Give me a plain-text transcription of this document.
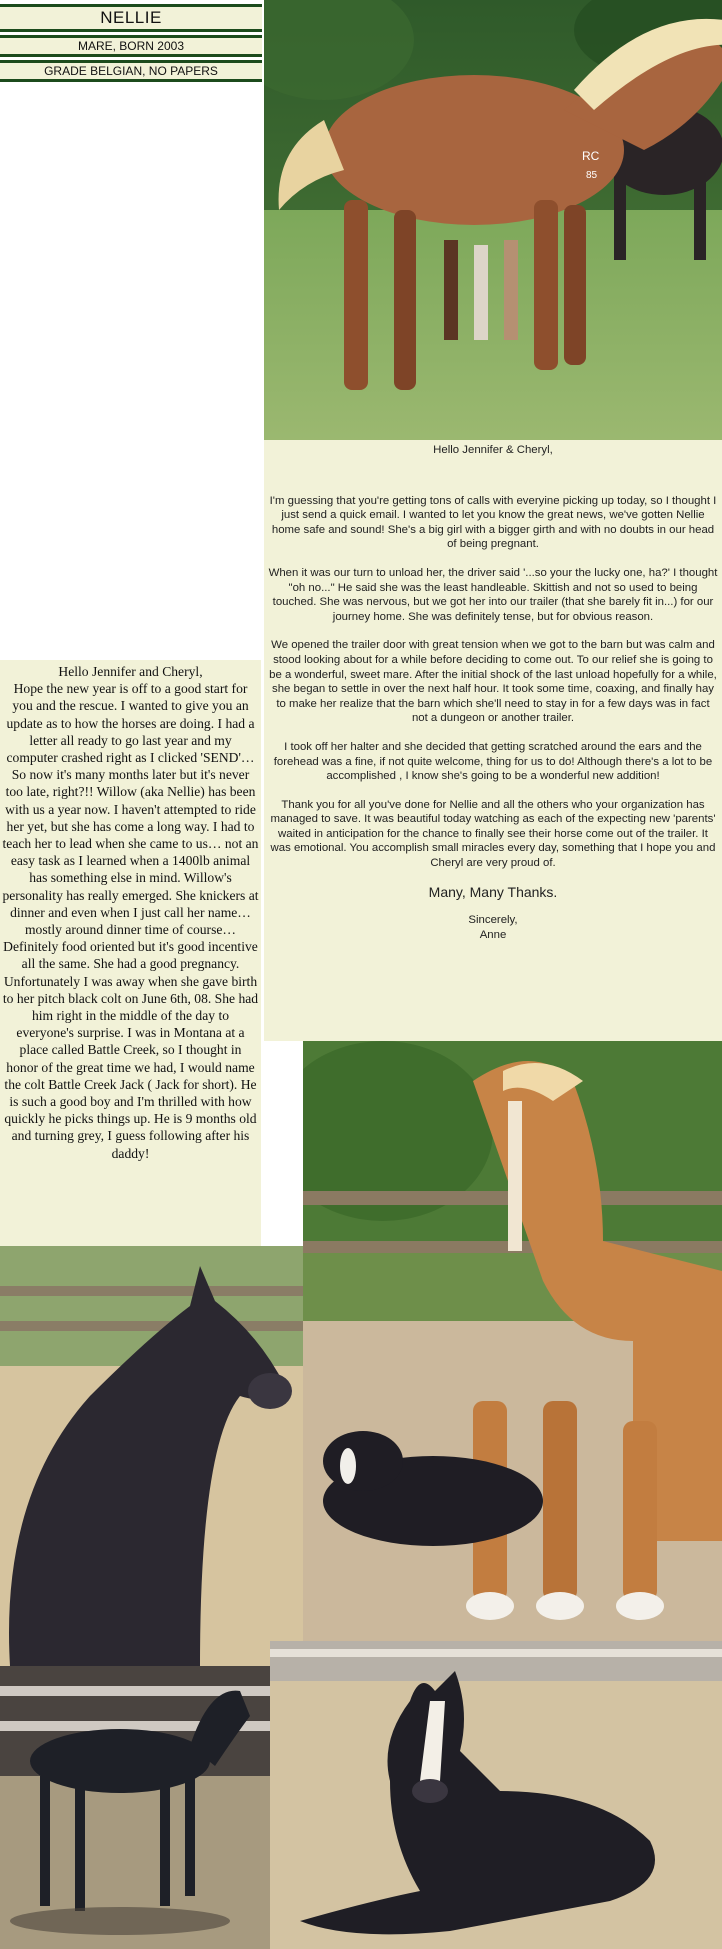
NELLIE
MARE, BORN 2003
GRADE BELGIAN, NO PAPERS
RC
85

Hello Jennifer & Cheryl,

I'm guessing that you're getting tons of calls with everyine picking up today, so I thought I just send a quick email. I wanted to let you know the great news, we've gotten Nellie home safe and sound! She's a big girl with a bigger girth and with no doubts in our head of being pregnant.

When it was our turn to unload her, the driver said '...so your the lucky one, ha?' I thought "oh no..." He said she was the least handleable. Skittish and not so used to being touched. She was nervous, but we got her into our trailer (that she barely fit in...) for our journey home. She was definitely tense, but for obvious reason.

We opened the trailer door with great tension when we got to the barn but was calm and stood looking about for a while before deciding to come out. To our relief she is going to be a wonderful, sweet mare. After the initial shock of the last unload hopefully for a while, she began to settle in over the next half hour. It took some time, coaxing, and finally hay to make her realize that the barn which she'll need to stay in for a few days was in fact not a dungeon or another trailer.

I took off her halter and she decided that getting scratched around the ears and the forehead was a fine, if not quite welcome, thing for us to do! Although there's a lot to be accomplished , I know she's going to be a wonderful new addition!

Thank you for all you've done for Nellie and all the others who your organization has managed to save. It was beautiful today watching as each of the expecting new 'parents' waited in anticipation for the chance to finally see their horse come out of the trailer. It was emotional. You accomplish small miracles every day, something that I hope you and Cheryl are very proud of.

Many, Many Thanks.

Sincerely,

Anne

Hello Jennifer and Cheryl,

Hope the new year is off to a good start for you and the rescue. I wanted to give you an update as to how the horses are doing. I had a letter all ready to go last year and my computer crashed right as I clicked 'SEND'… So now it's many months later but it's never too late, right?!! Willow (aka Nellie) has been with us a year now. I haven't attempted to ride her yet, but she has come a long way. I had to teach her to lead when she came to us… not an easy task as I learned when a 1400lb animal has something else in mind. Willow's personality has really emerged. She knickers at dinner and even when I just call her name… mostly around dinner time of course… Definitely food oriented but it's good incentive all the same. She had a good pregnancy. Unfortunately I was away when she gave birth to her pitch black colt on June 6th, 08. She had him right in the middle of the day to everyone's surprise. I was in Montana at a place called Battle Creek, so I thought in honor of the great time we had, I would name the colt Battle Creek Jack ( Jack for short). He is such a good boy and I'm thrilled with how quickly he picks things up. He is 9 months old and turning grey, I guess following after his daddy!
